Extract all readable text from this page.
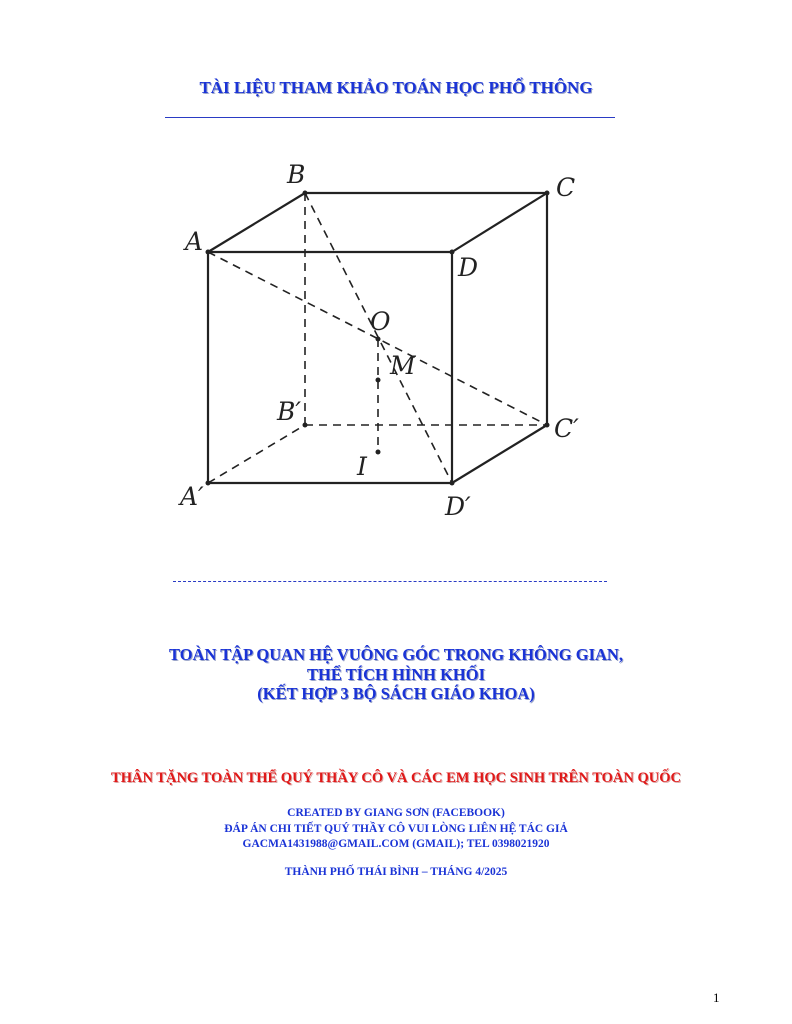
TÀI LIỆU THAM KHẢO TOÁN HỌC PHỔ THÔNG
A
B	C
D
O
M
B′
C′
I
A′	D′
TOÀN TẬP QUAN HỆ VUÔNG GÓC TRONG KHÔNG GIAN,
THỂ TÍCH HÌNH KHỐI
(KẾT HỢP 3 BỘ SÁCH GIÁO KHOA)
THÂN TẶNG TOÀN THỂ QUÝ THẦY CÔ VÀ CÁC EM HỌC SINH TRÊN TOÀN QUỐC
CREATED BY GIANG SƠN (FACEBOOK)
ĐÁP ÁN CHI TIẾT QUÝ THẦY CÔ VUI LÒNG LIÊN HỆ TÁC GIẢ
GACMA1431988@GMAIL.COM (GMAIL); TEL 0398021920
THÀNH PHỐ THÁI BÌNH – THÁNG 4/2025
1
